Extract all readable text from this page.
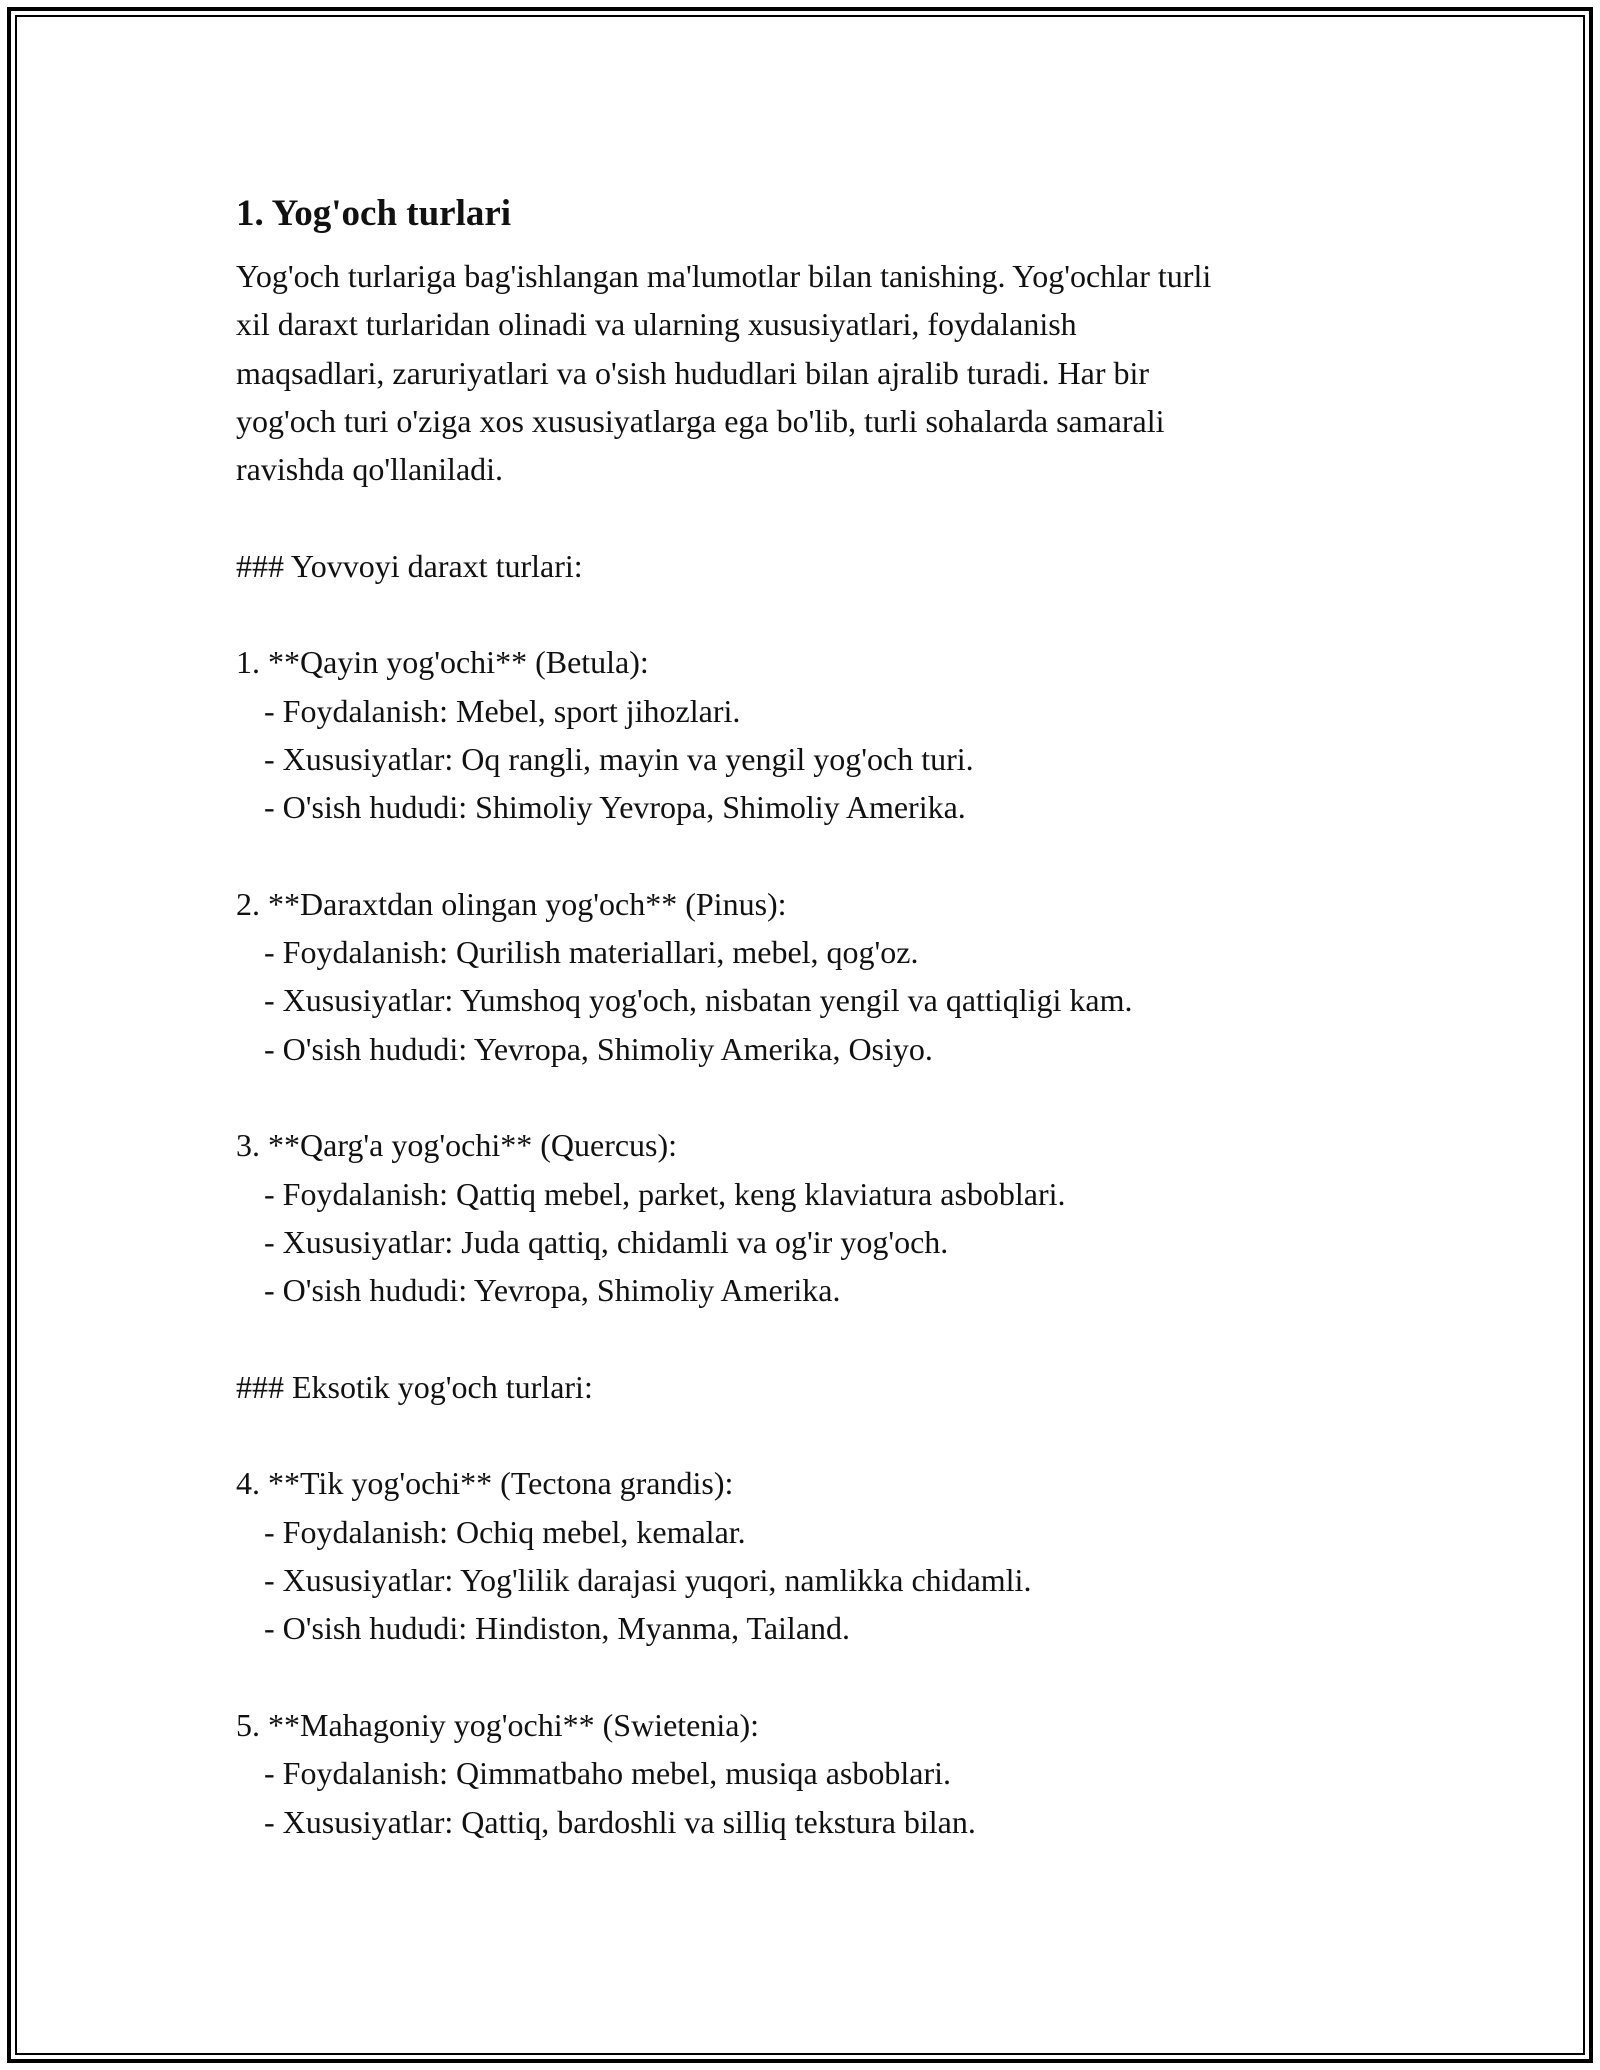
1. Yog'och turlari
Yog'och turlariga bag'ishlangan ma'lumotlar bilan tanishing. Yog'ochlar turli
xil daraxt turlaridan olinadi va ularning xususiyatlari, foydalanish
maqsadlari, zaruriyatlari va o'sish hududlari bilan ajralib turadi. Har bir
yog'och turi o'ziga xos xususiyatlarga ega bo'lib, turli sohalarda samarali
ravishda qo'llaniladi.
### Yovvoyi daraxt turlari:
1. **Qayin yog'ochi** (Betula):
- Foydalanish: Mebel, sport jihozlari.
- Xususiyatlar: Oq rangli, mayin va yengil yog'och turi.
- O'sish hududi: Shimoliy Yevropa, Shimoliy Amerika.
2. **Daraxtdan olingan yog'och** (Pinus):
- Foydalanish: Qurilish materiallari, mebel, qog'oz.
- Xususiyatlar: Yumshoq yog'och, nisbatan yengil va qattiqligi kam.
- O'sish hududi: Yevropa, Shimoliy Amerika, Osiyo.
3. **Qarg'a yog'ochi** (Quercus):
- Foydalanish: Qattiq mebel, parket, keng klaviatura asboblari.
- Xususiyatlar: Juda qattiq, chidamli va og'ir yog'och.
- O'sish hududi: Yevropa, Shimoliy Amerika.
### Eksotik yog'och turlari:
4. **Tik yog'ochi** (Tectona grandis):
- Foydalanish: Ochiq mebel, kemalar.
- Xususiyatlar: Yog'lilik darajasi yuqori, namlikka chidamli.
- O'sish hududi: Hindiston, Myanma, Tailand.
5. **Mahagoniy yog'ochi** (Swietenia):
- Foydalanish: Qimmatbaho mebel, musiqa asboblari.
- Xususiyatlar: Qattiq, bardoshli va silliq tekstura bilan.
